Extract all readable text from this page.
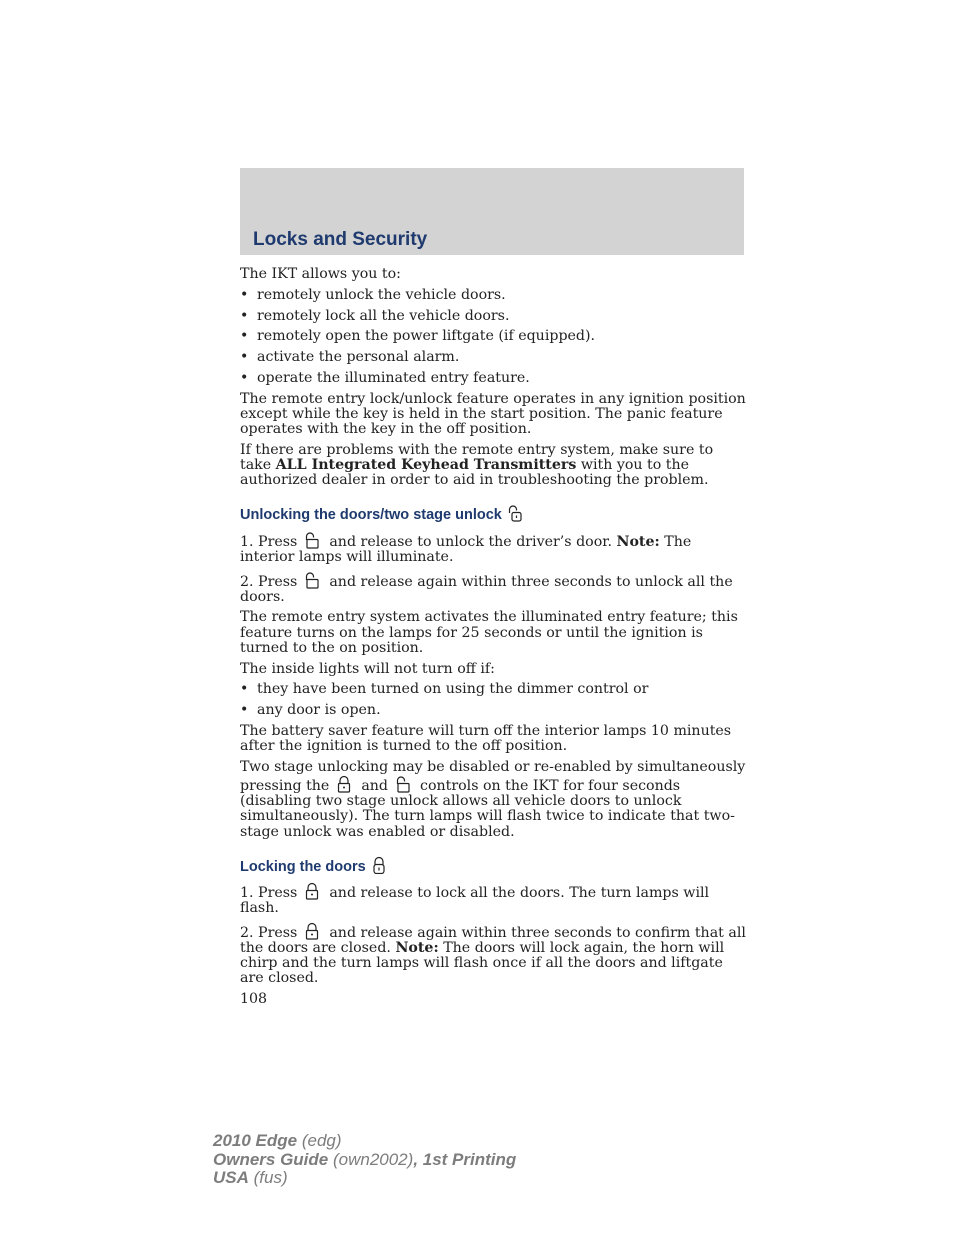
Locks and Security

The IKT allows you to:

• remotely unlock the vehicle doors.
• remotely lock all the vehicle doors.
• remotely open the power liftgate (if equipped).
• activate the personal alarm.
• operate the illuminated entry feature.

The remote entry lock/unlock feature operates in any ignition position except while the key is held in the start position. The panic feature operates with the key in the off position.

If there are problems with the remote entry system, make sure to take ALL Integrated Keyhead Transmitters with you to the authorized dealer in order to aid in troubleshooting the problem.

Unlocking the doors/two stage unlock

1. Press and release to unlock the driver’s door. Note: The interior lamps will illuminate.

2. Press and release again within three seconds to unlock all the doors.

The remote entry system activates the illuminated entry feature; this feature turns on the lamps for 25 seconds or until the ignition is turned to the on position.

The inside lights will not turn off if:

• they have been turned on using the dimmer control or
• any door is open.

The battery saver feature will turn off the interior lamps 10 minutes after the ignition is turned to the off position.

Two stage unlocking may be disabled or re-enabled by simultaneously pressing the and controls on the IKT for four seconds (disabling two stage unlock allows all vehicle doors to unlock simultaneously). The turn lamps will flash twice to indicate that two-stage unlock was enabled or disabled.

Locking the doors

1. Press and release to lock all the doors. The turn lamps will flash.

2. Press and release again within three seconds to confirm that all the doors are closed. Note: The doors will lock again, the horn will chirp and the turn lamps will flash once if all the doors and liftgate are closed.

108

2010 Edge (edg)
Owners Guide (own2002), 1st Printing
USA (fus)
